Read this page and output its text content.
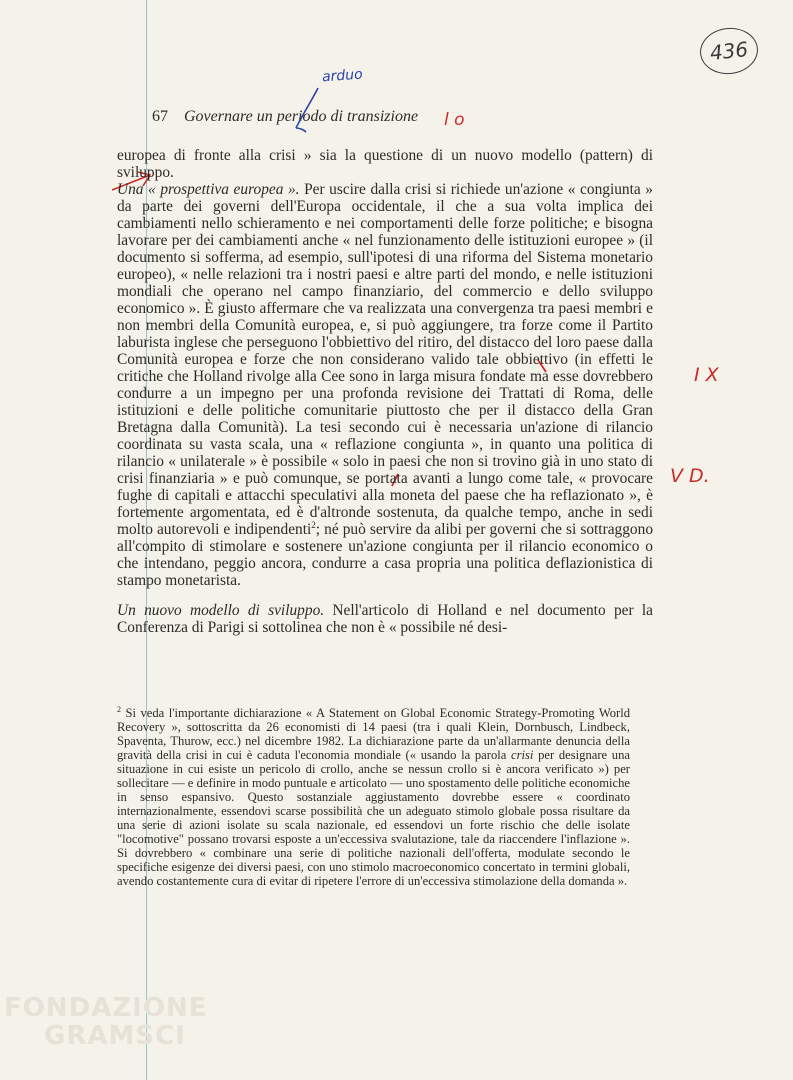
FONDAZIONE
GRAMSCI
436
arduo
67 Governare un periodo di transizione l o
I X
V D.

europea di fronte alla crisi » sia la questione di un nuovo modello (pattern) di sviluppo.

Una « prospettiva europea ». Per uscire dalla crisi si richiede un'azione « congiunta » da parte dei governi dell'Europa occidentale, il che a sua volta implica dei cambiamenti nello schieramento e nei comportamenti delle forze politiche; e bisogna lavorare per dei cambiamenti anche « nel funzionamento delle istituzioni europee » (il documento si sofferma, ad esempio, sull'ipotesi di una riforma del Sistema monetario europeo), « nelle relazioni tra i nostri paesi e altre parti del mondo, e nelle istituzioni mondiali che operano nel campo finanziario, del commercio e dello sviluppo economico ». È giusto affermare che va realizzata una convergenza tra paesi membri e non membri della Comunità europea, e, si può aggiungere, tra forze come il Partito laburista inglese che perseguono l'obbiettivo del ritiro, del distacco del loro paese dalla Comunità europea e forze che non considerano valido tale obbiettivo (in effetti le critiche che Holland rivolge alla Cee sono in larga misura fondate ma esse dovrebbero condurre a un impegno per una profonda revisione dei Trattati di Roma, delle istituzioni e delle politiche comunitarie piuttosto che per il distacco della Gran Bretagna dalla Comunità). La tesi secondo cui è necessaria un'azione di rilancio coordinata su vasta scala, una « reflazione congiunta », in quanto una politica di rilancio « unilaterale » è possibile « solo in paesi che non si trovino già in uno stato di crisi finanziaria » e può comunque, se portata avanti a lungo come tale, « provocare fughe di capitali e attacchi speculativi alla moneta del paese che ha reflazionato », è fortemente argomentata, ed è d'altronde sostenuta, da qualche tempo, anche in sedi molto autorevoli e indipendenti$^2$; né può servire da alibi per governi che si sottraggono all'compito di stimolare e sostenere un'azione congiunta per il rilancio economico o che intendano, peggio ancora, condurre a casa propria una politica deflazionistica di stampo monetarista.

Un nuovo modello di sviluppo. Nell'articolo di Holland e nel documento per la Conferenza di Parigi si sottolinea che non è « possibile né desi-

$^2$ Si veda l'importante dichiarazione « A Statement on Global Economic Strategy-Promoting World Recovery », sottoscritta da 26 economisti di 14 paesi (tra i quali Klein, Dornbusch, Lindbeck, Spaventa, Thurow, ecc.) nel dicembre 1982. La dichiarazione parte da un'allarmante denuncia della gravità della crisi in cui è caduta l'economia mondiale (« usando la parola crisi per designare una situazione in cui esiste un pericolo di crollo, anche se nessun crollo si è ancora verificato ») per sollecitare — e definire in modo puntuale e articolato — uno spostamento delle politiche economiche in senso espansivo. Questo sostanziale aggiustamento dovrebbe essere « coordinato internazionalmente, essendovi scarse possibilità che un adeguato stimolo globale possa risultare da una serie di azioni isolate su scala nazionale, ed essendovi un forte rischio che delle isolate "locomotive" possano trovarsi esposte a un'eccessiva svalutazione, tale da riaccendere l'inflazione ». Si dovrebbero « combinare una serie di politiche nazionali dell'offerta, modulate secondo le specifiche esigenze dei diversi paesi, con uno stimolo macroeconomico concertato in termini globali, avendo costantemente cura di evitar di ripetere l'errore di un'eccessiva stimolazione della domanda ».
